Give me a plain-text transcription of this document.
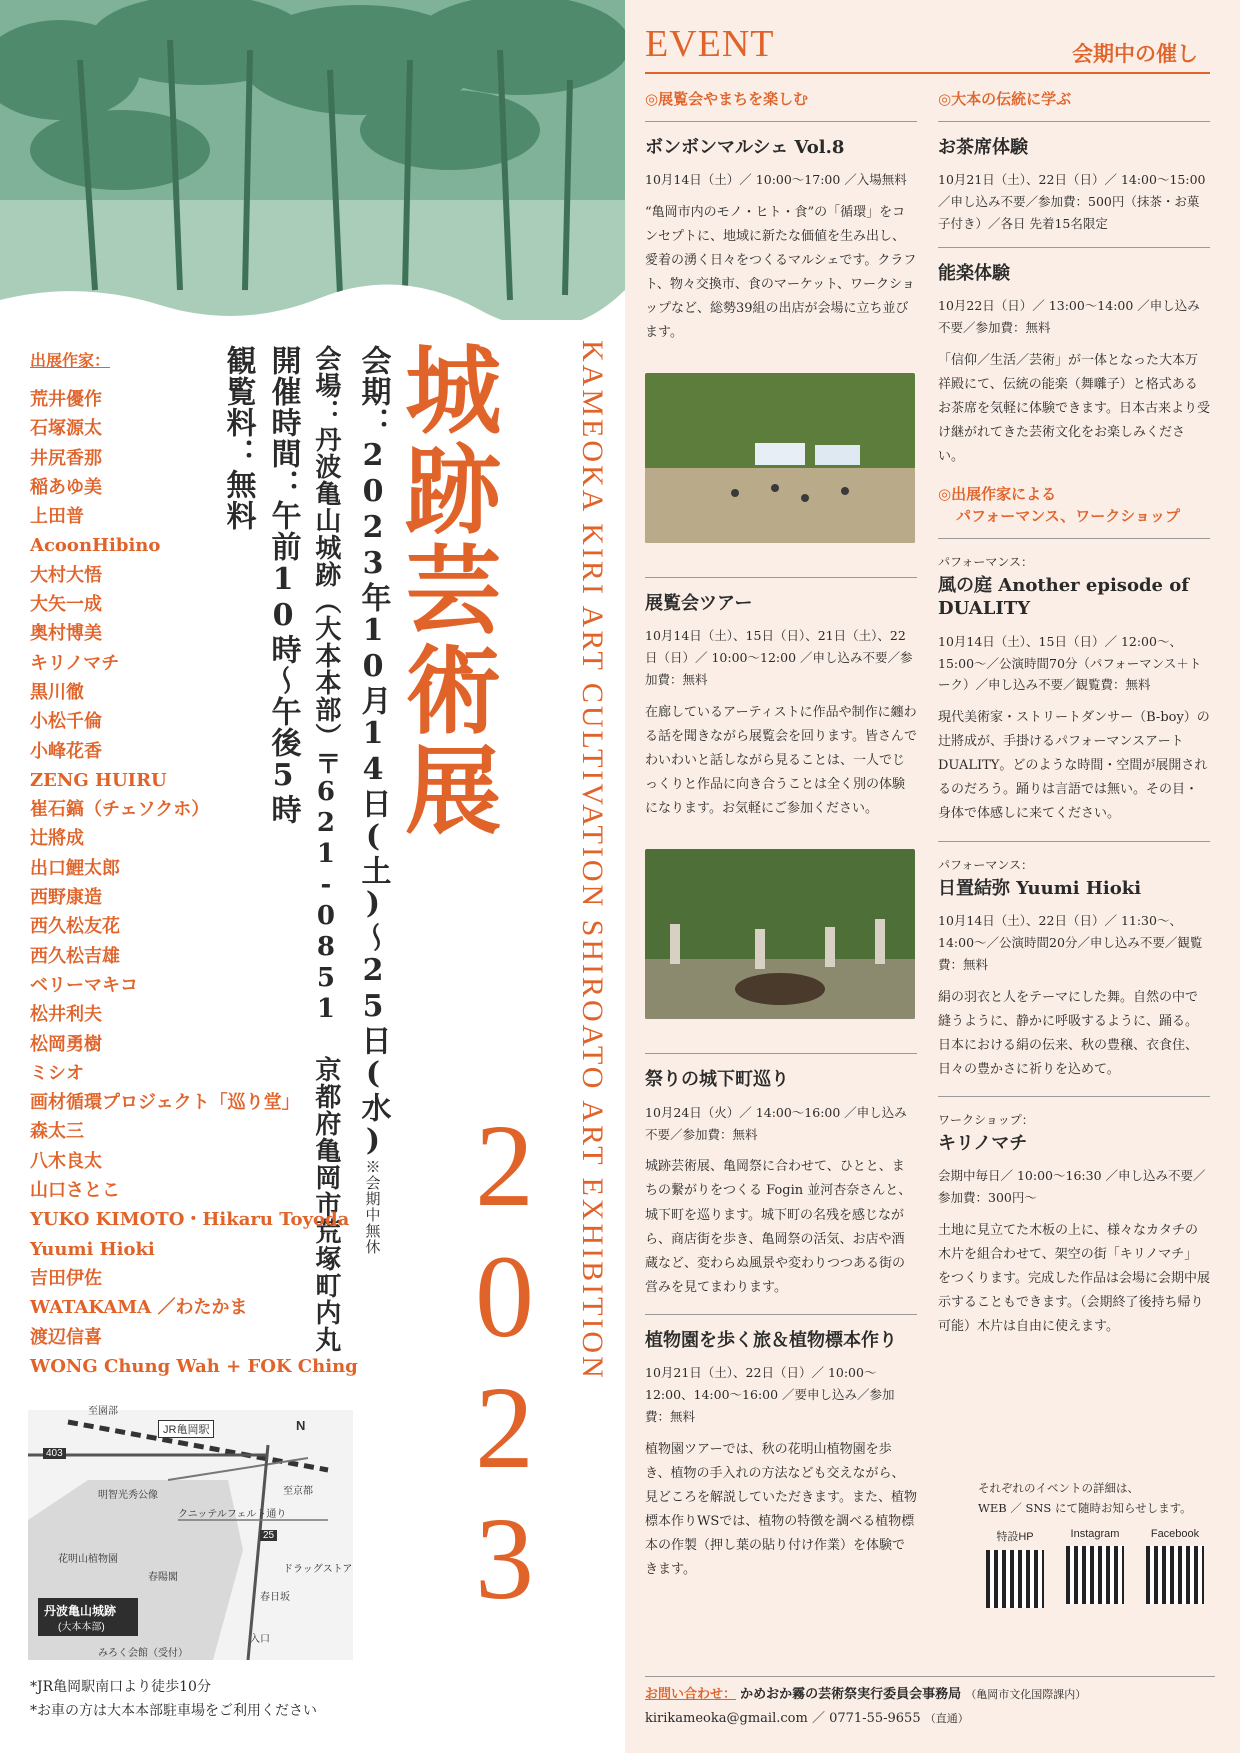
城跡芸術展
2023 KAMEOKA KIRI ART CULTIVATION SHIROATO ART EXHIBITION
会期：2023年10月14日(土)〜25日(水)※会期中無休
会場：丹波亀山城跡（大本本部）〒621-0851 京都府亀岡市荒塚町内丸
開催時間：午前10時〜午後5時
観覧料：無料
出展作家：
荒井優作
石塚源太
井尻香那
稲あゆ美
上田普
AcoonHibino
大村大悟
大矢一成
奥村博美
キリノマチ
黒川徹
小松千倫
小峰花香
ZENG HUIRU
崔石鎬（チェソクホ）
辻將成
出口鯉太郎
西野康造
西久松友花
西久松吉雄
ベリーマキコ
松井利夫
松岡勇樹
ミシオ
画材循環プロジェクト「巡り堂」
森太三
八木良太
山口さとこ
YUKO KIMOTO・Hikaru Toyoda
Yuumi Hioki
吉田伊佐
WATAKAMA ／わたかま
渡辺信喜
WONG Chung Wah + FOK Ching
至園部
JR亀岡駅
403
明智光秀公像	至京都
クニッテルフェルト通り
N
花明山植物園
春陽閣
ドラッグストア
春日坂
丹波亀山城跡
(大本本部)
みろく会館（受付）
入口
25
*JR亀岡駅南口より徒歩10分
*お車の方は大本本部駐車場をご利用ください
EVENT	会期中の催し
◎展覧会やまちを楽しむ
ボンボンマルシェ Vol.8
10月14日（土）／ 10:00〜17:00 ／入場無料
“亀岡市内のモノ・ヒト・食”の「循環」をコンセプトに、地域に新たな価値を生み出し、愛着の湧く日々をつくるマルシェです。クラフト、物々交換市、食のマーケット、ワークショップなど、総勢39組の出店が会場に立ち並びます。
展覧会ツアー
10月14日（土）、15日（日）、21日（土）、22日（日）／ 10:00〜12:00 ／申し込み不要／参加費：無料
在廊しているアーティストに作品や制作に纏わる話を聞きながら展覧会を回ります。皆さんでわいわいと話しながら見ることは、一人でじっくりと作品に向き合うことは全く別の体験になります。お気軽にご参加ください。
祭りの城下町巡り
10月24日（火）／ 14:00〜16:00 ／申し込み不要／参加費：無料
城跡芸術展、亀岡祭に合わせて、ひとと、まちの繋がりをつくる Fogin 並河杏奈さんと、城下町を巡ります。城下町の名残を感じながら、商店街を歩き、亀岡祭の活気、お店や酒蔵など、変わらぬ風景や変わりつつある街の営みを見てまわります。
植物園を歩く旅＆植物標本作り
10月21日（土）、22日（日）／ 10:00〜12:00、14:00〜16:00 ／要申し込み／参加費：無料
植物園ツアーでは、秋の花明山植物園を歩き、植物の手入れの方法なども交えながら、見どころを解説していただきます。また、植物標本作りWSでは、植物の特徴を調べる植物標本の作製（押し葉の貼り付け作業）を体験できます。
◎大本の伝統に学ぶ
お茶席体験
10月21日（土）、22日（日）／ 14:00〜15:00 ／申し込み不要／参加費：500円（抹茶・お菓子付き）／各日 先着15名限定
能楽体験
10月22日（日）／ 13:00〜14:00 ／申し込み不要／参加費：無料
「信仰／生活／芸術」が一体となった大本万祥殿にて、伝統の能楽（舞囃子）と格式あるお茶席を気軽に体験できます。日本古来より受け継がれてきた芸術文化をお楽しみください。
◎出展作家による
パフォーマンス、ワークショップ
パフォーマンス：
風の庭 Another episode of DUALITY
10月14日（土）、15日（日）／ 12:00〜、15:00〜／公演時間70分（パフォーマンス＋トーク）／申し込み不要／観覧費：無料
現代美術家・ストリートダンサー（B-boy）の辻將成が、手掛けるパフォーマンスアートDUALITY。どのような時間・空間が展開されるのだろう。踊りは言語では無い。その目・身体で体感しに来てください。
パフォーマンス：
日置結弥 Yuumi Hioki
10月14日（土）、22日（日）／ 11:30〜、14:00〜／公演時間20分／申し込み不要／観覧費：無料
絹の羽衣と人をテーマにした舞。自然の中で縫うように、静かに呼吸するように、踊る。日本における絹の伝来、秋の豊穣、衣食住、日々の豊かさに祈りを込めて。
ワークショップ：
キリノマチ
会期中毎日／ 10:00〜16:30 ／申し込み不要／参加費：300円〜
土地に見立てた木板の上に、様々なカタチの木片を組合わせて、架空の街「キリノマチ」をつくります。完成した作品は会場に会期中展示することもできます。（会期終了後持ち帰り可能）木片は自由に使えます。
それぞれのイベントの詳細は、
WEB ／ SNS にて随時お知らせします。
特設HP	Instagram	Facebook
お問い合わせ： かめおか霧の芸術祭実行委員会事務局 （亀岡市文化国際課内）
kirikameoka@gmail.com ／ 0771-55-9655 （直通）
